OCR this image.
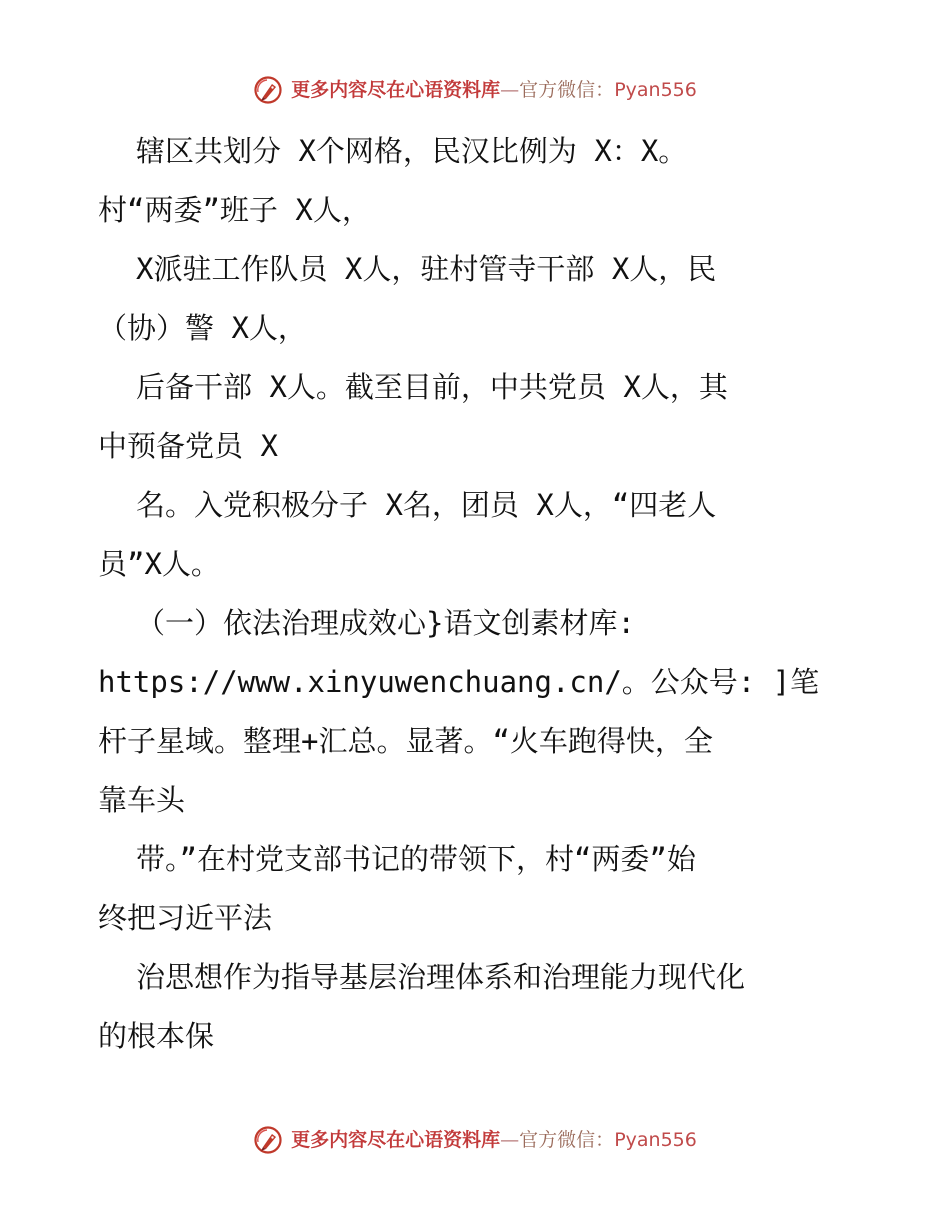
更多内容尽在心语资料库 — 官方微信： Pyan556
辖区共划分 X个网格，民汉比例为 X：X。
村“两委”班子 X人，
X派驻工作队员 X人，驻村管寺干部 X人，民
（协）警 X人，
后备干部 X人。截至目前，中共党员 X人，其
中预备党员 X
名。入党积极分子 X名，团员 X人，“四老人
员”X人。
（一）依法治理成效心}语文创素材库:
https://www.xinyuwenchuang.cn/。公众号: ]笔
杆子星域。整理+汇总。显著。“火车跑得快，全
靠车头
带。”在村党支部书记的带领下，村“两委”始
终把习近平法
治思想作为指导基层治理体系和治理能力现代化
的根本保
更多内容尽在心语资料库 — 官方微信： Pyan556
